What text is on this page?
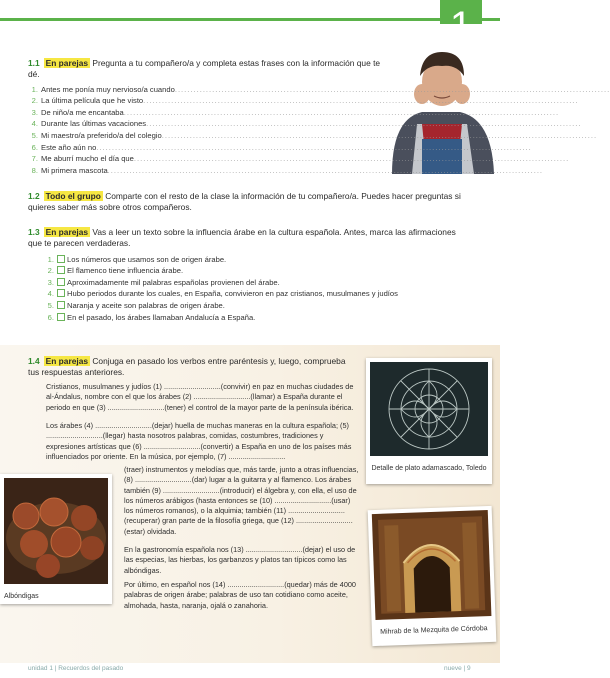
1.1 En parejas Pregunta a tu compañero/a y completa estas frases con la información que te dé.
1. Antes me ponía muy nervioso/a cuando............................................................................................................................................
2. La última película que he visto............................................................................................................................................
3. De niño/a me encantaba............................................................................................................................................
4. Durante las últimas vacaciones............................................................................................................................................
5. Mi maestro/a preferido/a del colegio............................................................................................................................................
6. Este año aún no............................................................................................................................................
7. Me aburrí mucho el día que............................................................................................................................................
8. Mi primera mascota............................................................................................................................................
1.2 Todo el grupo Comparte con el resto de la clase la información de tu compañero/a. Puedes hacer preguntas si quieres saber más sobre otros compañeros.
1.3 En parejas Vas a leer un texto sobre la influencia árabe en la cultura española. Antes, marca las afirmaciones que te parecen verdaderas.
1. Los números que usamos son de origen árabe.
2. El flamenco tiene influencia árabe.
3. Aproximadamente mil palabras españolas provienen del árabe.
4. Hubo periodos durante los cuales, en España, convivieron en paz cristianos, musulmanes y judíos
5. Naranja y aceite son palabras de origen árabe.
6. En el pasado, los árabes llamaban Andalucía a España.
1.4 En parejas Conjuga en pasado los verbos entre paréntesis y, luego, comprueba tus respuestas anteriores.
Cristianos, musulmanes y judíos (1) ............................(convivir) en paz en muchas ciudades de al-Ándalus, nombre con el que los árabes (2) ............................(llamar) a España durante el periodo en que (3) ............................(tener) el control de la mayor parte de la península ibérica.
Los árabes (4) ............................(dejar) huella de muchas maneras en la cultura española; (5) ............................(llegar) hasta nosotros palabras, comidas, costumbres, tradiciones y expresiones artísticas que (6) ............................(convertir) a España en uno de los países más influenciados por oriente. En la música, por ejemplo, (7) ............................
(traer) instrumentos y melodías que, más tarde, junto a otras influencias, (8) ............................(dar) lugar a la guitarra y al flamenco. Los árabes también (9) ............................(introducir) el álgebra y, con ella, el uso de los números arábigos (hasta entonces se (10) ............................(usar) los números romanos), o la alquimia; también (11) ............................(recuperar) gran parte de la filosofía griega, que (12) ............................(estar) olvidada.
En la gastronomía española nos (13) ............................(dejar) el uso de las especias, las hierbas, los garbanzos y platos tan típicos como las albóndigas.
Por último, en español nos (14) ............................(quedar) más de 4000 palabras de origen árabe; palabras de uso tan cotidiano como aceite, almohada, hasta, naranja, ojalá o zanahoria.
Detalle de plato adamascado, Toledo
Albóndigas
Mihrab de la Mezquita de Córdoba
unidad 1 | Recuerdos del pasado	nueve | 9
